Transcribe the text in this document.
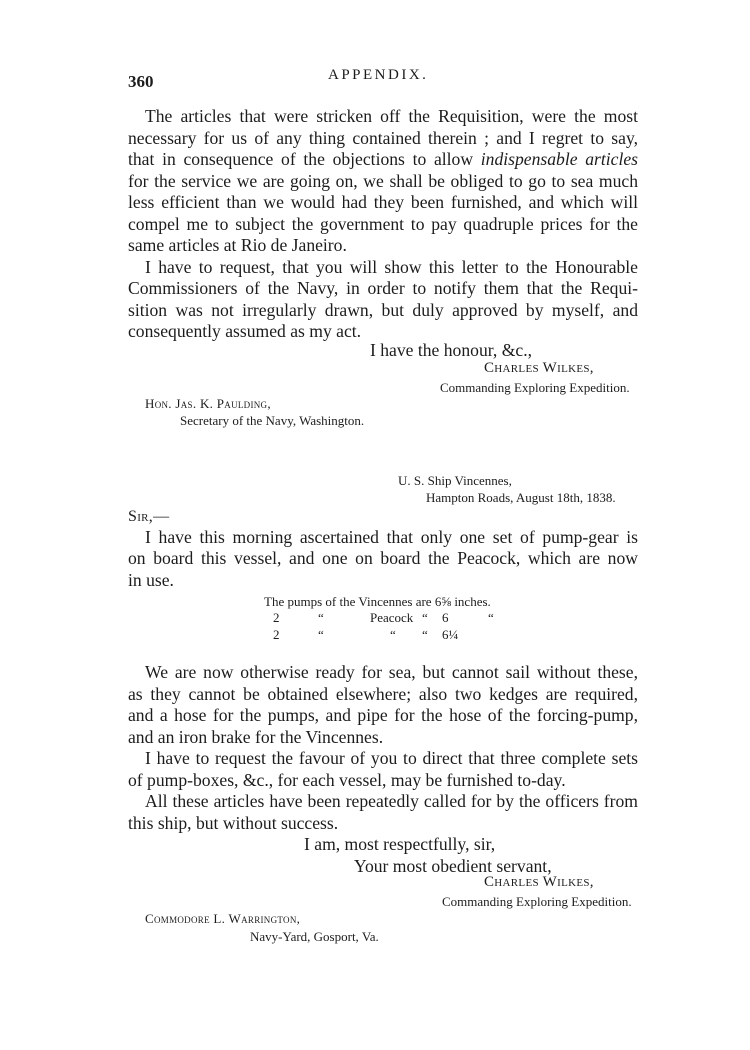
360	APPENDIX.
The articles that were stricken off the Requisition, were the most
necessary for us of any thing contained therein ; and I regret to say,
that in consequence of the objections to allow indispensable articles
for the service we are going on, we shall be obliged to go to sea much
less efficient than we would had they been furnished, and which will
compel me to subject the government to pay quadruple prices for the
same articles at Rio de Janeiro.
I have to request, that you will show this letter to the Honourable
Commissioners of the Navy, in order to notify them that the Requi-
sition was not irregularly drawn, but duly approved by myself, and
consequently assumed as my act.
I have the honour, &c.,
Charles Wilkes,
Commanding Exploring Expedition.
Hon. Jas. K. Paulding,
Secretary of the Navy, Washington.
U. S. Ship Vincennes,
Hampton Roads, August 18th, 1838.
Sir,—
I have this morning ascertained that only one set of pump-gear is
on board this vessel, and one on board the Peacock, which are now
in use.
The pumps of the Vincennes are 6⅝ inches.
2	“	Peacock “ 6	“
2	“	“ “ 6¼
We are now otherwise ready for sea, but cannot sail without these,
as they cannot be obtained elsewhere; also two kedges are required,
and a hose for the pumps, and pipe for the hose of the forcing-pump,
and an iron brake for the Vincennes.
I have to request the favour of you to direct that three complete sets
of pump-boxes, &c., for each vessel, may be furnished to-day.
All these articles have been repeatedly called for by the officers from
this ship, but without success.
I am, most respectfully, sir,
Your most obedient servant,
Charles Wilkes,
Commanding Exploring Expedition.
Commodore L. Warrington,
Navy-Yard, Gosport, Va.
